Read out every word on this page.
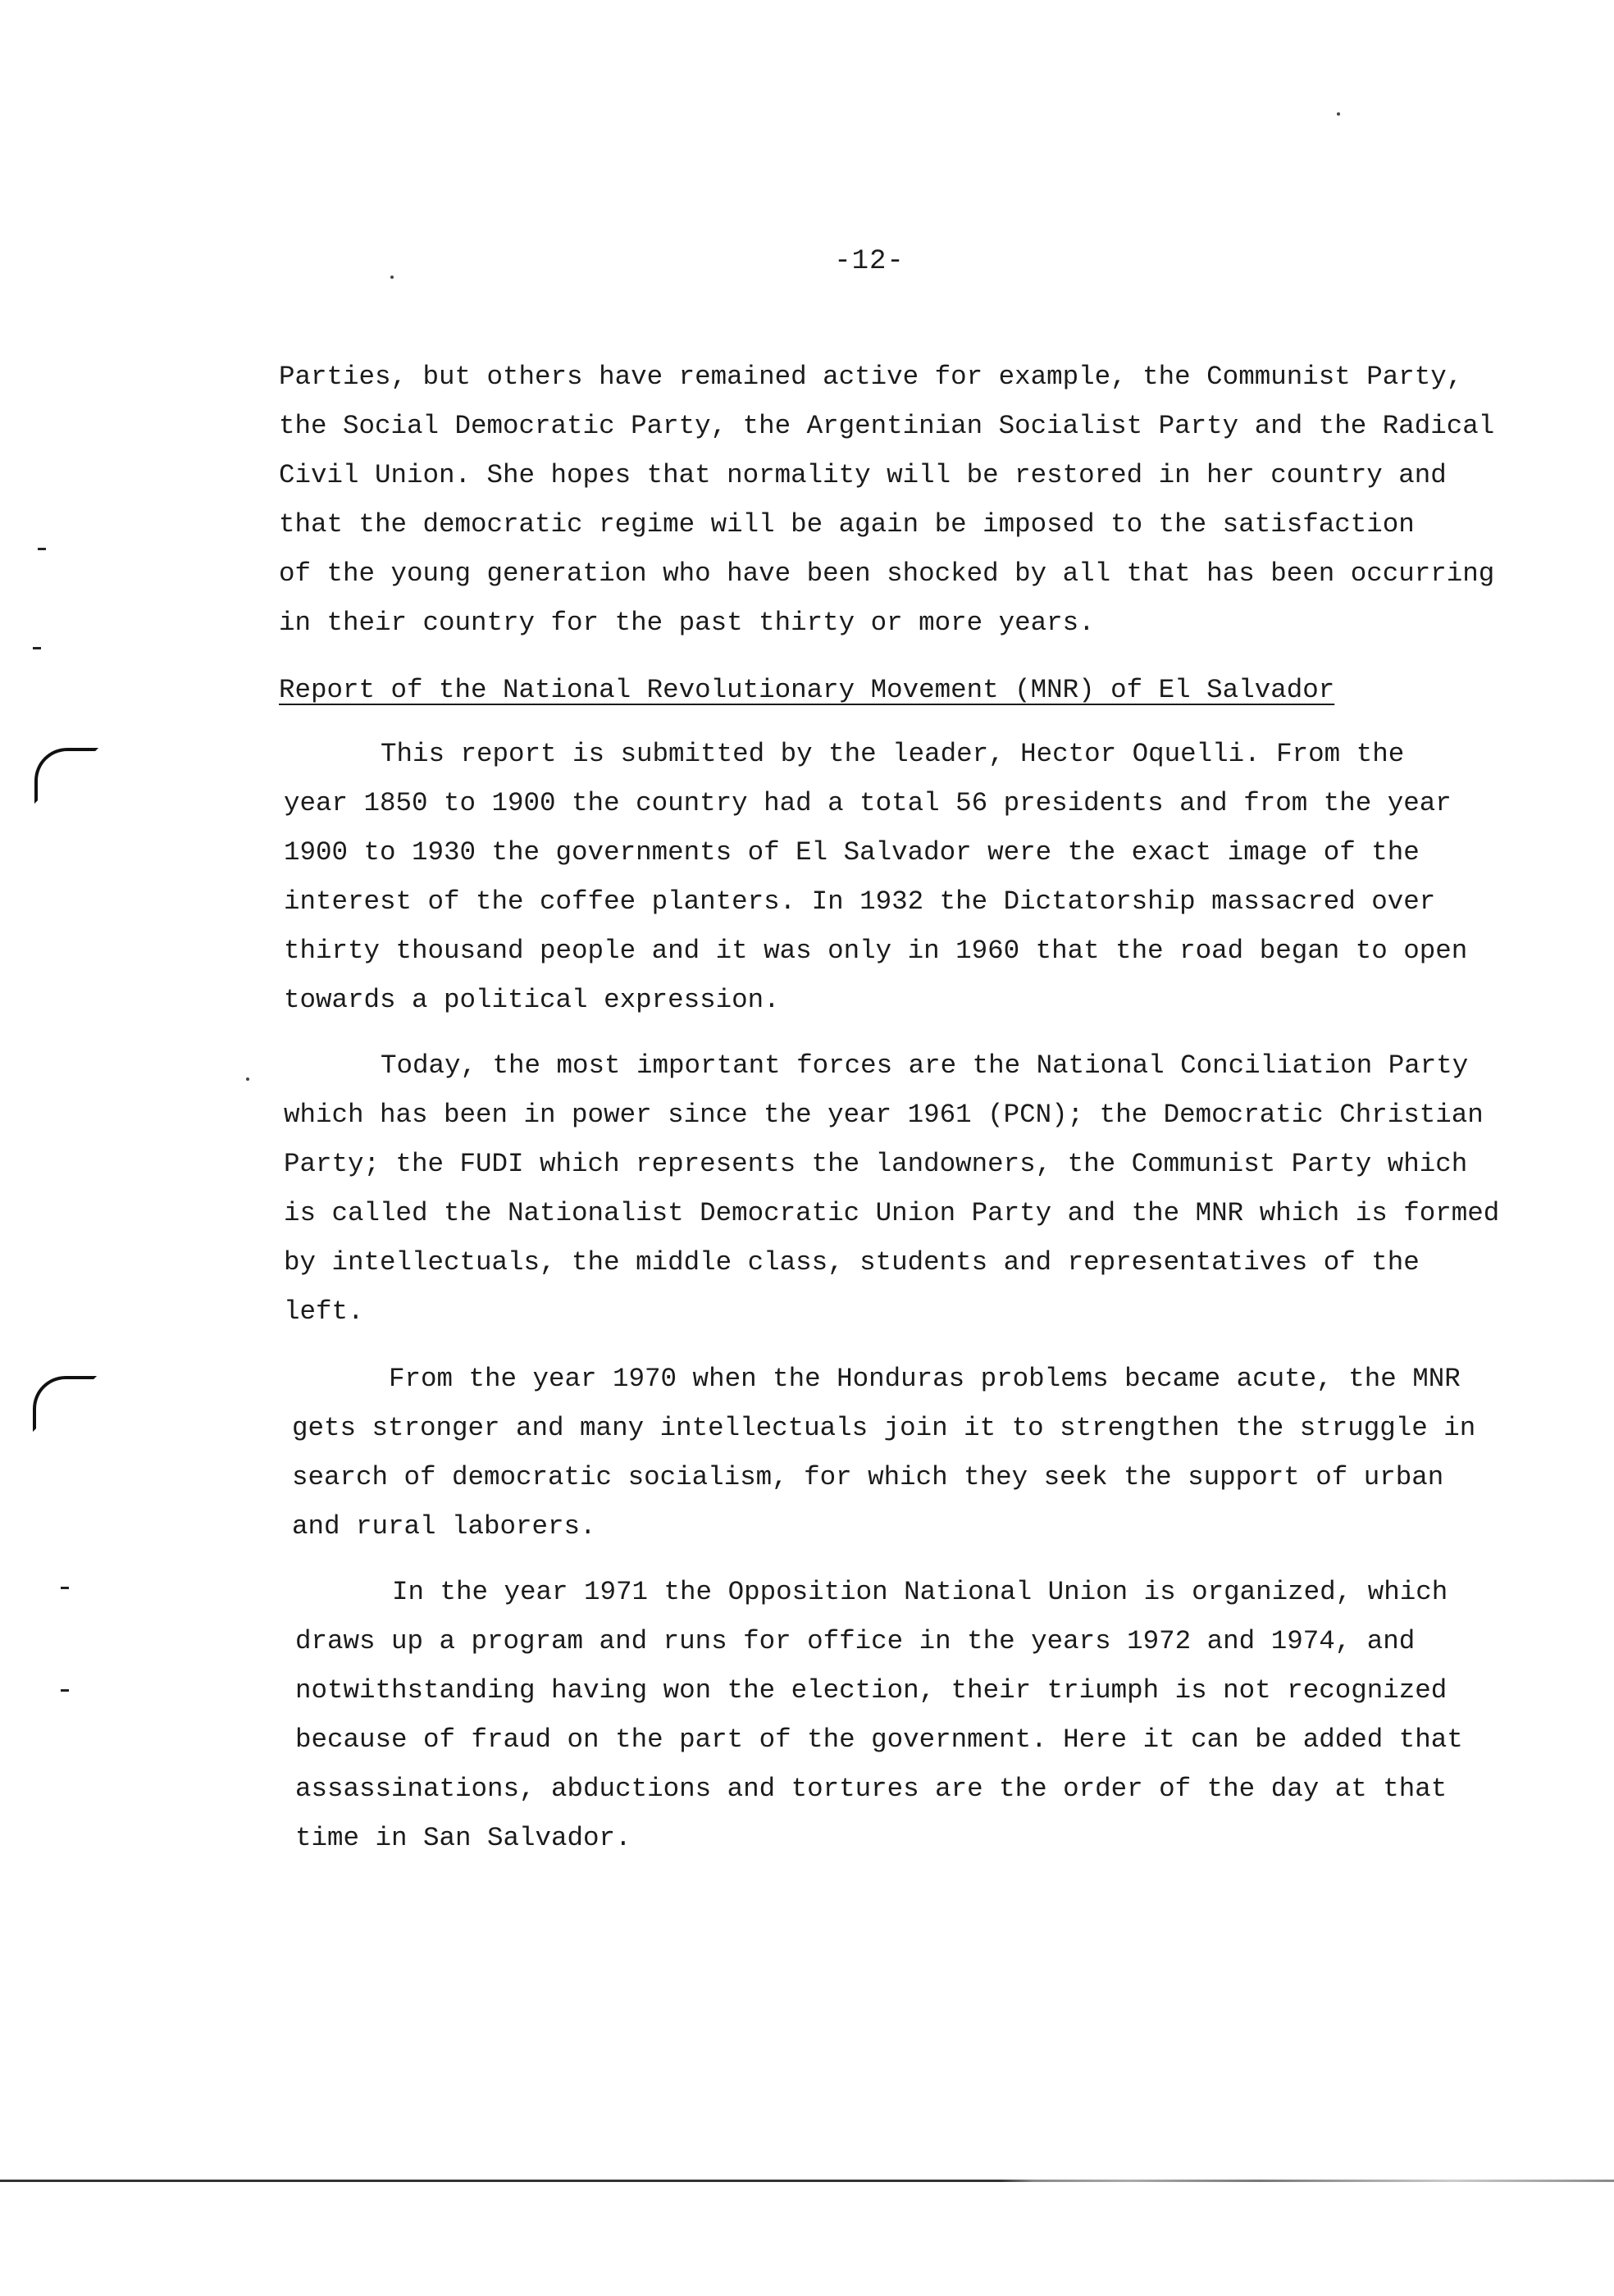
-12-
Parties, but others have remained active for example, the Communist Party,
the Social Democratic Party, the Argentinian Socialist Party and the Radical
Civil Union. She hopes that normality will be restored in her country and
that the democratic regime will be again be imposed to the satisfaction
of the young generation who have been shocked by all that has been occurring
in their country for the past thirty or more years.
Report of the National Revolutionary Movement (MNR) of El Salvador
This report is submitted by the leader, Hector Oquelli. From the
year 1850 to 1900 the country had a total 56 presidents and from the year
1900 to 1930 the governments of El Salvador were the exact image of the
interest of the coffee planters. In 1932 the Dictatorship massacred over
thirty thousand people and it was only in 1960 that the road began to open
towards a political expression.
Today, the most important forces are the National Conciliation Party
which has been in power since the year 1961 (PCN); the Democratic Christian
Party; the FUDI which represents the landowners, the Communist Party which
is called the Nationalist Democratic Union Party and the MNR which is formed
by intellectuals, the middle class, students and representatives of the
left.
From the year 1970 when the Honduras problems became acute, the MNR
gets stronger and many intellectuals join it to strengthen the struggle in
search of democratic socialism, for which they seek the support of urban
and rural laborers.
In the year 1971 the Opposition National Union is organized, which
draws up a program and runs for office in the years 1972 and 1974, and
notwithstanding having won the election, their triumph is not recognized
because of fraud on the part of the government. Here it can be added that
assassinations, abductions and tortures are the order of the day at that
time in San Salvador.
